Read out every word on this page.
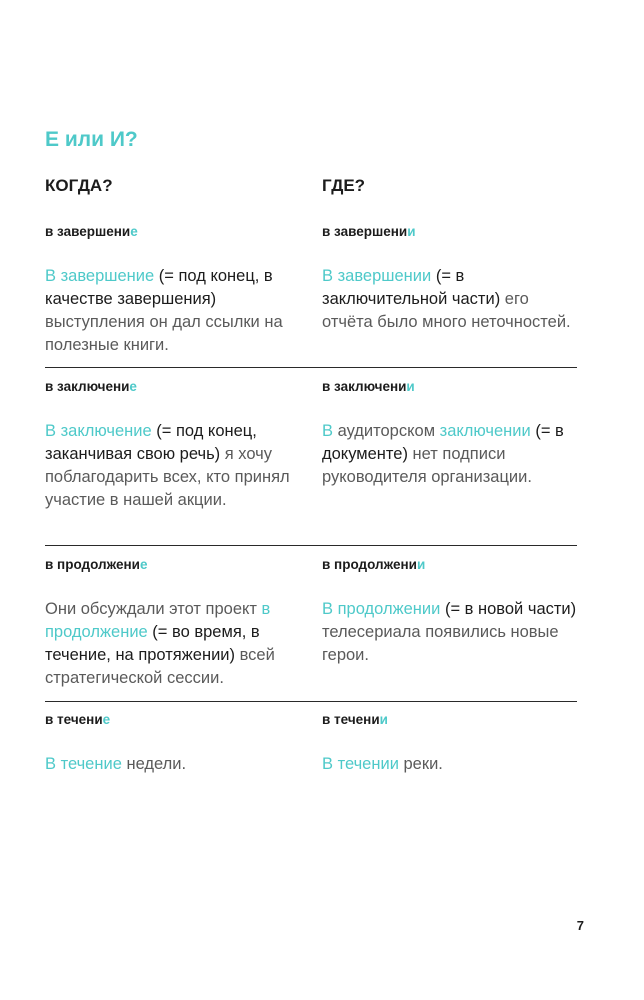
Е или И?
КОГДА?	ГДЕ?

в завершение

В завершение (= под конец, в качестве завершения) выступления он дал ссылки на полезные книги.

в завершении

В завершении (= в заключительной части) его отчёта было много неточностей.

в заключение

В заключение (= под конец, заканчивая свою речь) я хочу поблагодарить всех, кто принял участие в нашей акции.

в заключении

В аудиторском заключении (= в документе) нет подписи руководителя организации.

в продолжение

Они обсуждали этот проект в продолжение (= во время, в течение, на протяжении) всей стратегической сессии.

в продолжении

В продолжении (= в новой части) телесериала появились новые герои.

в течение

В течение недели.

в течении

В течении реки.

7
